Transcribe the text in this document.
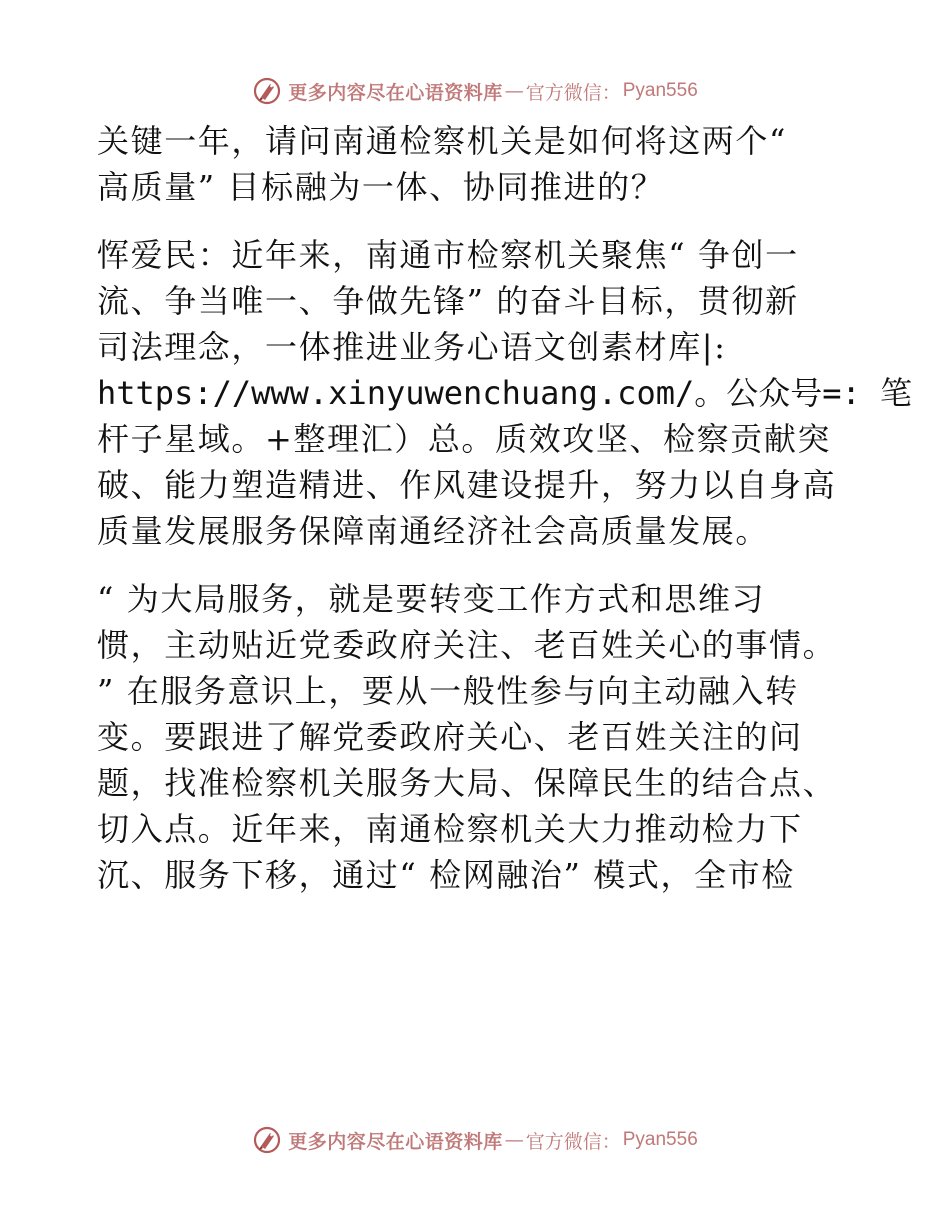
更多内容尽在心语资料库 — 官方微信： Pyan556
关键一年，请问南通检察机关是如何将这两个“
高质量” 目标融为一体、协同推进的？
恽爱民：近年来，南通市检察机关聚焦“ 争创一
流、争当唯一、争做先锋” 的奋斗目标，贯彻新
司法理念，一体推进业务心语文创素材库|:
https://www.xinyuwenchuang.com/。公众号=: 笔
杆子星域。+整理汇）总。质效攻坚、检察贡献突
破、能力塑造精进、作风建设提升，努力以自身高
质量发展服务保障南通经济社会高质量发展。
“ 为大局服务，就是要转变工作方式和思维习
惯，主动贴近党委政府关注、老百姓关心的事情。
” 在服务意识上，要从一般性参与向主动融入转
变。要跟进了解党委政府关心、老百姓关注的问
题，找准检察机关服务大局、保障民生的结合点、
切入点。近年来，南通检察机关大力推动检力下
沉、服务下移，通过“ 检网融治” 模式，全市检
更多内容尽在心语资料库 — 官方微信： Pyan556
